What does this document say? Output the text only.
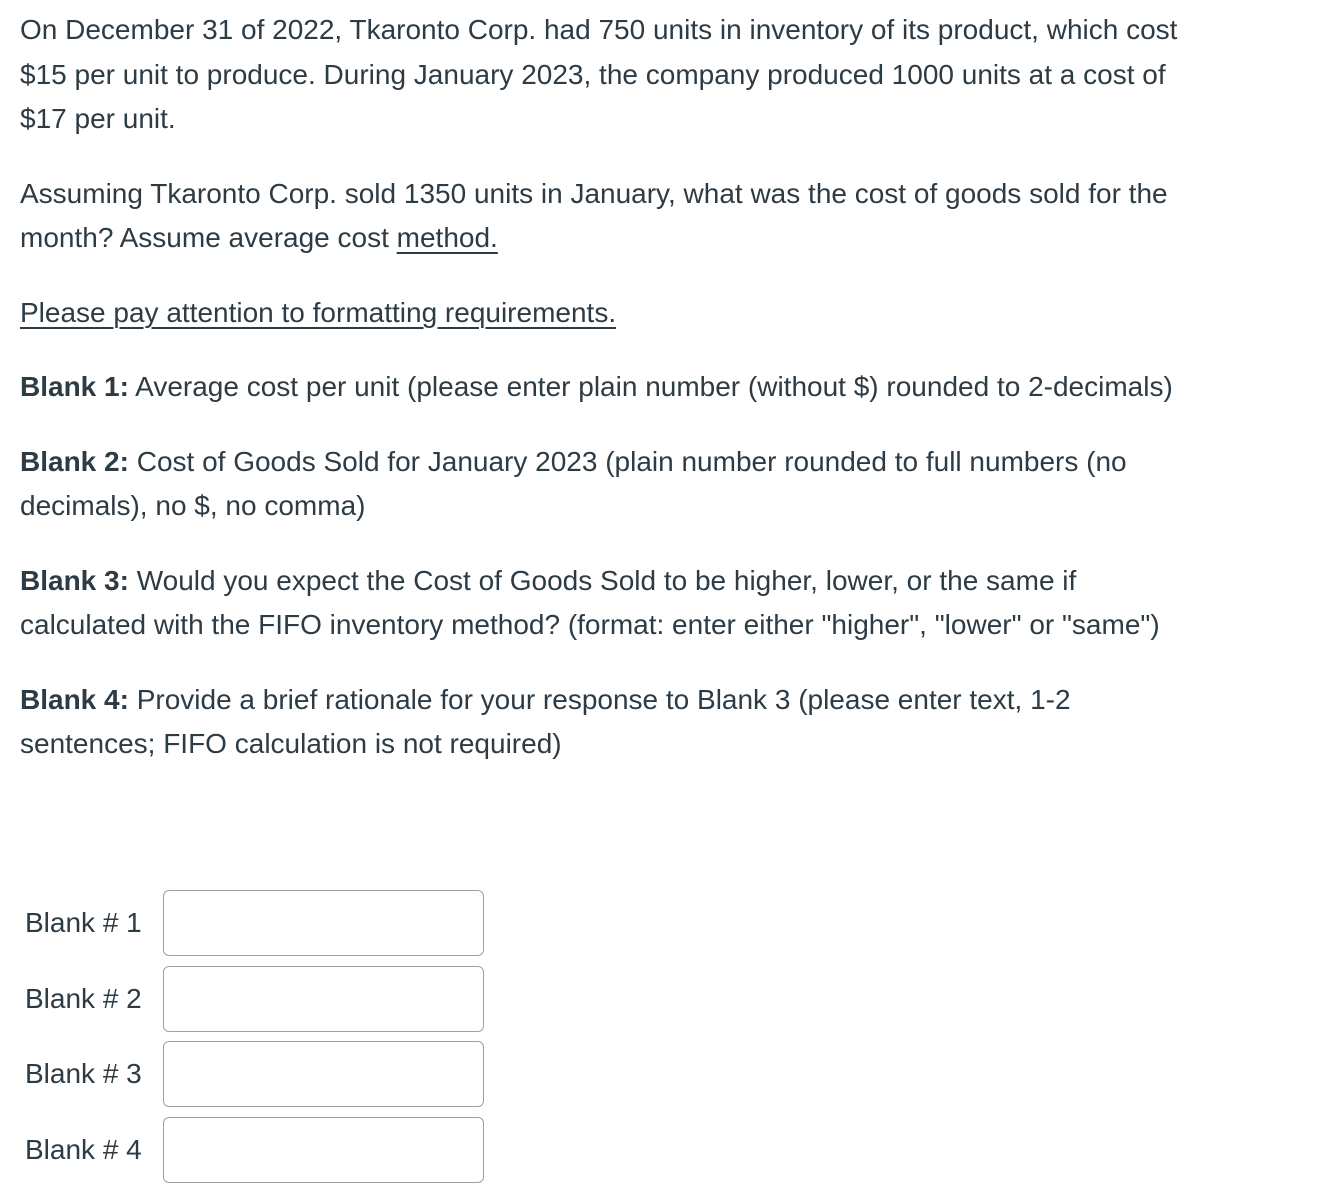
On December 31 of 2022, Tkaronto Corp. had 750 units in inventory of its product, which cost $15 per unit to produce. During January 2023, the company produced 1000 units at a cost of $17 per unit.

Assuming Tkaronto Corp. sold 1350 units in January, what was the cost of goods sold for the month? Assume average cost method.

Please pay attention to formatting requirements.

Blank 1: Average cost per unit (please enter plain number (without $) rounded to 2-decimals)

Blank 2: Cost of Goods Sold for January 2023 (plain number rounded to full numbers (no decimals), no $, no comma)

Blank 3: Would you expect the Cost of Goods Sold to be higher, lower, or the same if calculated with the FIFO inventory method? (format: enter either "higher", "lower" or "same")

Blank 4: Provide a brief rationale for your response to Blank 3 (please enter text, 1-2 sentences; FIFO calculation is not required)

Blank # 1
Blank # 2
Blank # 3
Blank # 4
